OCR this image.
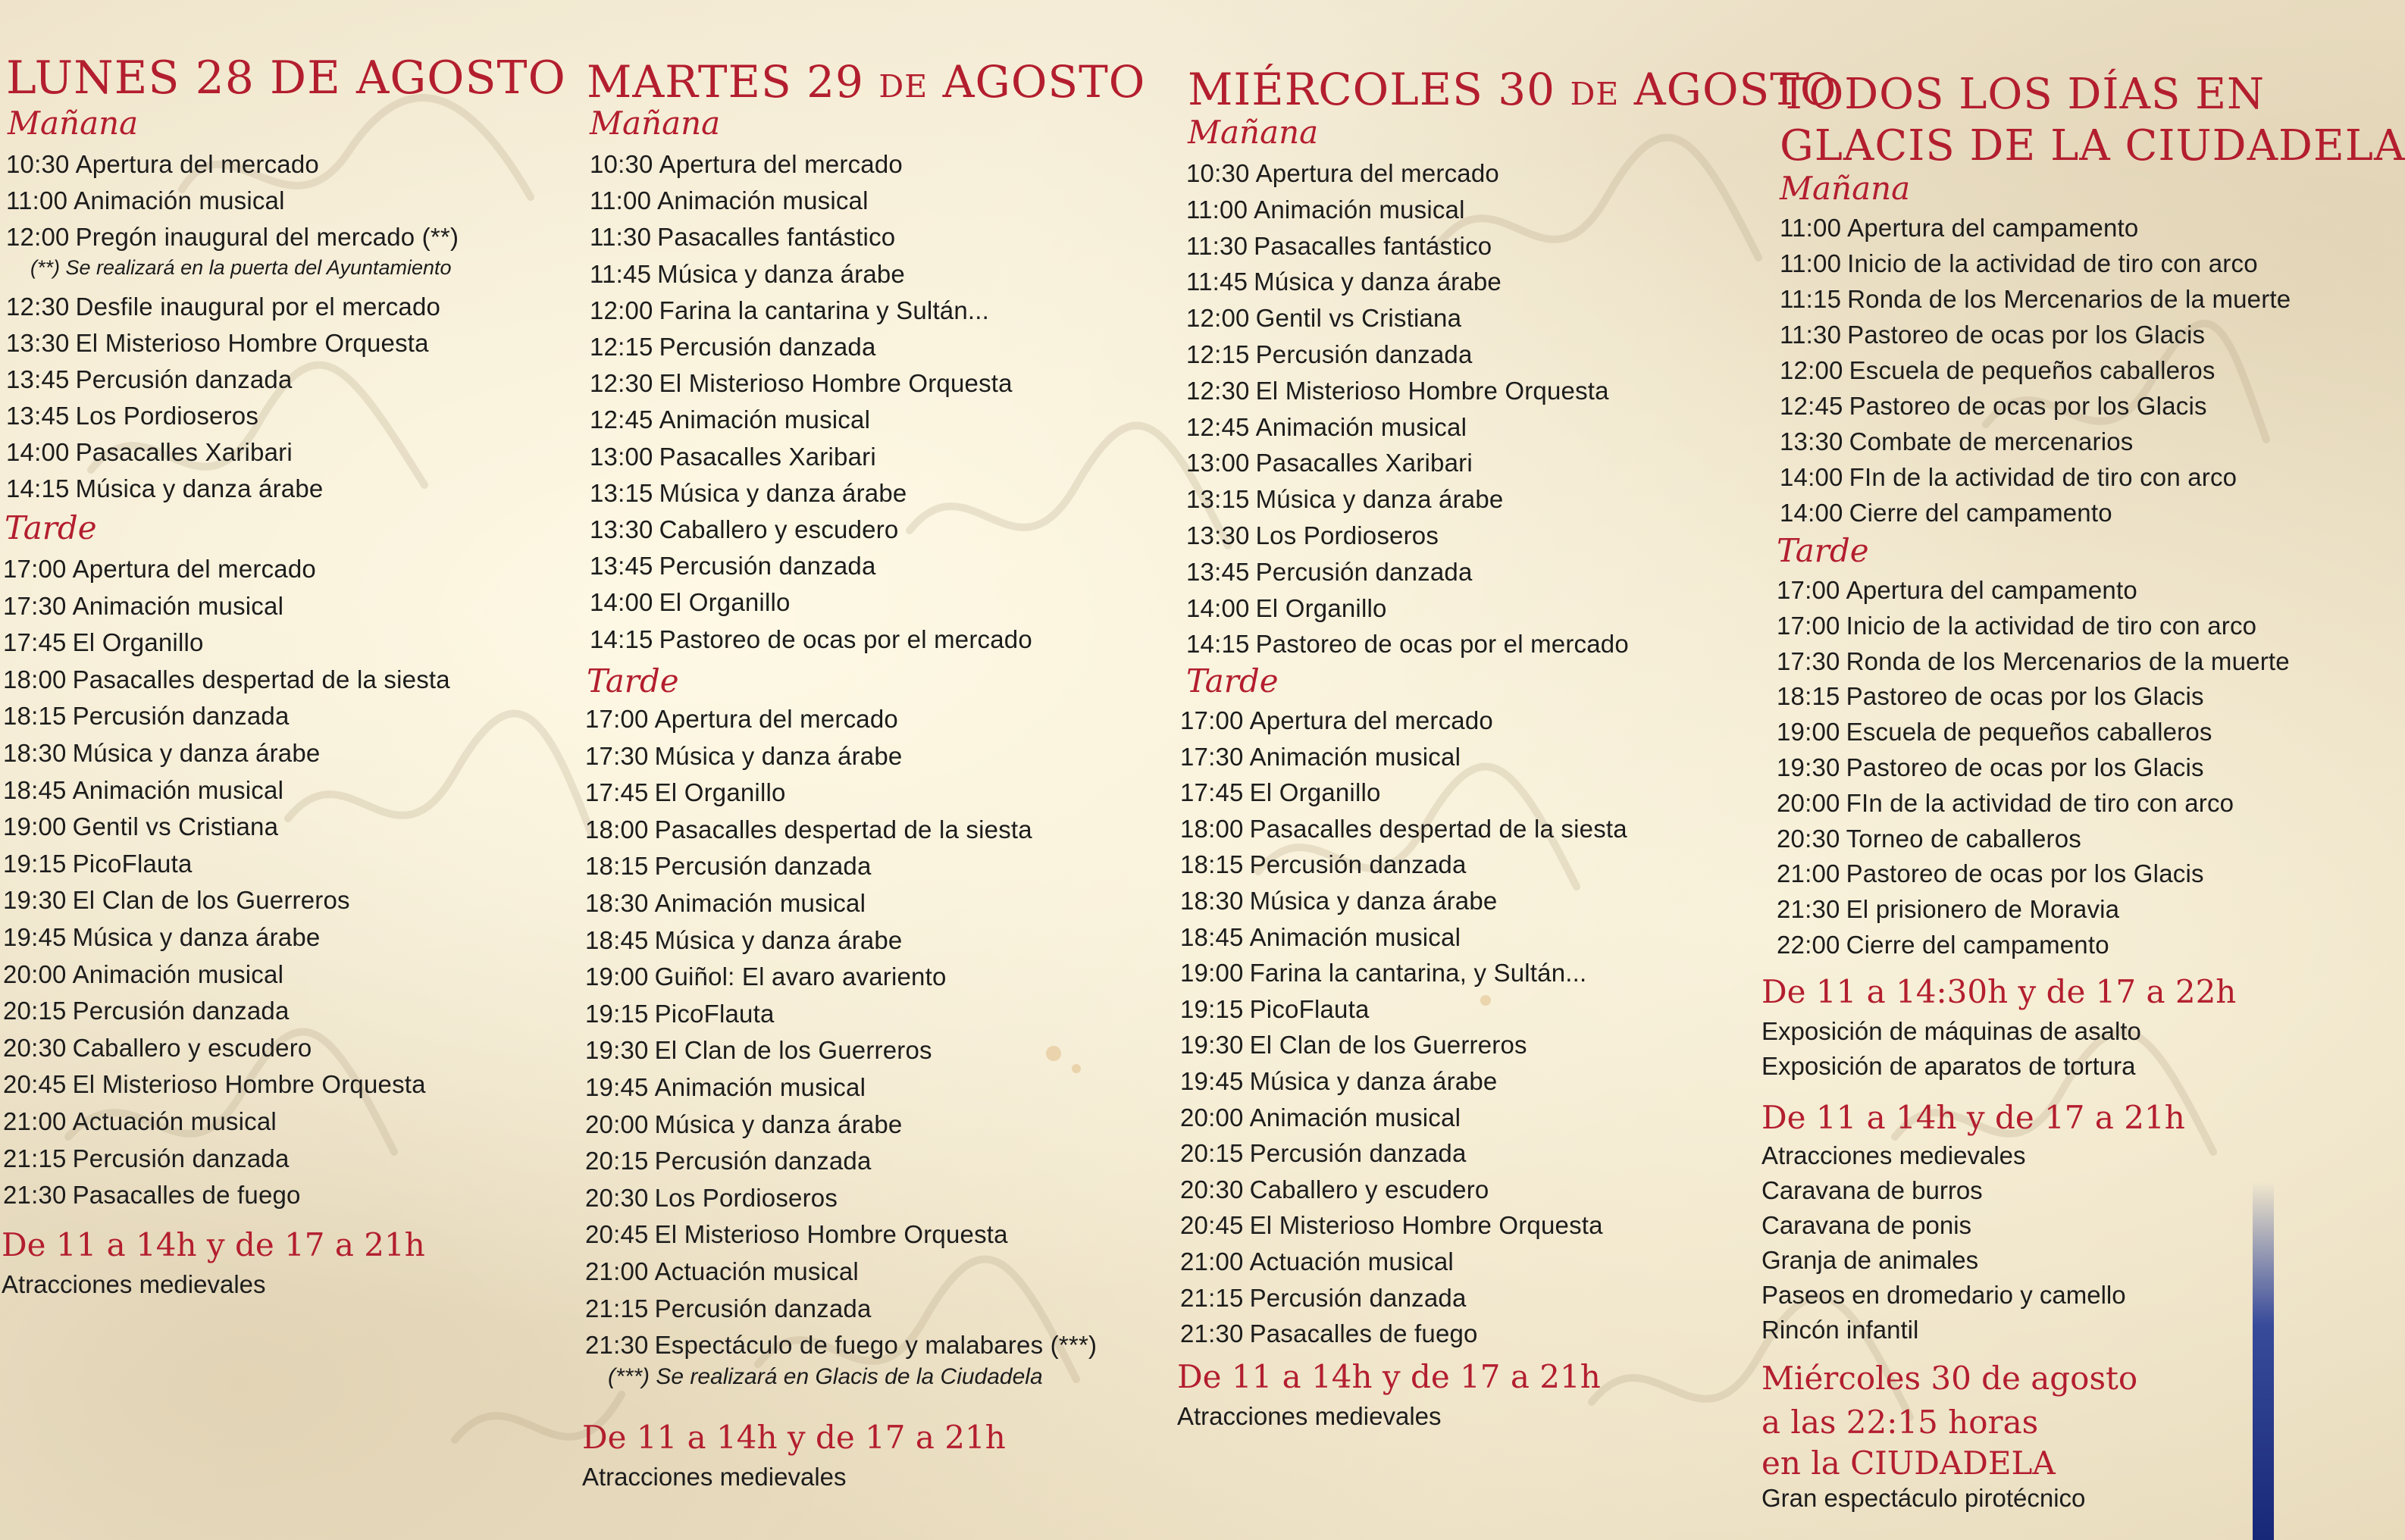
LUNES 28 DE AGOSTO
Mañana
10:30 Apertura del mercado
11:00 Animación musical
12:00 Pregón inaugural del mercado (**)
(**) Se realizará en la puerta del Ayuntamiento
12:30 Desfile inaugural por el mercado
13:30 El Misterioso Hombre Orquesta
13:45 Percusión danzada
13:45 Los Pordioseros
14:00 Pasacalles Xaribari
14:15 Música y danza árabe
Tarde
17:00 Apertura del mercado
17:30 Animación musical
17:45 El Organillo
18:00 Pasacalles despertad de la siesta
18:15 Percusión danzada
18:30 Música y danza árabe
18:45 Animación musical
19:00 Gentil vs Cristiana
19:15 PicoFlauta
19:30 El Clan de los Guerreros
19:45 Música y danza árabe
20:00 Animación musical
20:15 Percusión danzada
20:30 Caballero y escudero
20:45 El Misterioso Hombre Orquesta
21:00 Actuación musical
21:15 Percusión danzada
21:30 Pasacalles de fuego
De 11 a 14h y de 17 a 21h
Atracciones medievales
MARTES 29 de AGOSTO
Mañana
10:30 Apertura del mercado
11:00 Animación musical
11:30 Pasacalles fantástico
11:45 Música y danza árabe
12:00 Farina la cantarina y Sultán...
12:15 Percusión danzada
12:30 El Misterioso Hombre Orquesta
12:45 Animación musical
13:00 Pasacalles Xaribari
13:15 Música y danza árabe
13:30 Caballero y escudero
13:45 Percusión danzada
14:00 El Organillo
14:15 Pastoreo de ocas por el mercado
Tarde
17:00 Apertura del mercado
17:30 Música y danza árabe
17:45 El Organillo
18:00 Pasacalles despertad de la siesta
18:15 Percusión danzada
18:30 Animación musical
18:45 Música y danza árabe
19:00 Guiñol: El avaro avariento
19:15 PicoFlauta
19:30 El Clan de los Guerreros
19:45 Animación musical
20:00 Música y danza árabe
20:15 Percusión danzada
20:30 Los Pordioseros
20:45 El Misterioso Hombre Orquesta
21:00 Actuación musical
21:15 Percusión danzada
21:30 Espectáculo de fuego y malabares (***)
(***) Se realizará en Glacis de la Ciudadela
De 11 a 14h y de 17 a 21h
Atracciones medievales
MIÉRCOLES 30 de AGOSTO
Mañana
10:30 Apertura del mercado
11:00 Animación musical
11:30 Pasacalles fantástico
11:45 Música y danza árabe
12:00 Gentil vs Cristiana
12:15 Percusión danzada
12:30 El Misterioso Hombre Orquesta
12:45 Animación musical
13:00 Pasacalles Xaribari
13:15 Música y danza árabe
13:30 Los Pordioseros
13:45 Percusión danzada
14:00 El Organillo
14:15 Pastoreo de ocas por el mercado
Tarde
17:00 Apertura del mercado
17:30 Animación musical
17:45 El Organillo
18:00 Pasacalles despertad de la siesta
18:15 Percusión danzada
18:30 Música y danza árabe
18:45 Animación musical
19:00 Farina la cantarina, y Sultán...
19:15 PicoFlauta
19:30 El Clan de los Guerreros
19:45 Música y danza árabe
20:00 Animación musical
20:15 Percusión danzada
20:30 Caballero y escudero
20:45 El Misterioso Hombre Orquesta
21:00 Actuación musical
21:15 Percusión danzada
21:30 Pasacalles de fuego
De 11 a 14h y de 17 a 21h
Atracciones medievales
TODOS LOS DÍAS EN
GLACIS DE LA CIUDADELA
Mañana
11:00 Apertura del campamento
11:00 Inicio de la actividad de tiro con arco
11:15 Ronda de los Mercenarios de la muerte
11:30 Pastoreo de ocas por los Glacis
12:00 Escuela de pequeños caballeros
12:45 Pastoreo de ocas por los Glacis
13:30 Combate de mercenarios
14:00 FIn de la actividad de tiro con arco
14:00 Cierre del campamento
Tarde
17:00 Apertura del campamento
17:00 Inicio de la actividad de tiro con arco
17:30 Ronda de los Mercenarios de la muerte
18:15 Pastoreo de ocas por los Glacis
19:00 Escuela de pequeños caballeros
19:30 Pastoreo de ocas por los Glacis
20:00 FIn de la actividad de tiro con arco
20:30 Torneo de caballeros
21:00 Pastoreo de ocas por los Glacis
21:30 El prisionero de Moravia
22:00 Cierre del campamento
De 11 a 14:30h y de 17 a 22h
Exposición de máquinas de asalto
Exposición de aparatos de tortura
De 11 a 14h y de 17 a 21h
Atracciones medievales
Caravana de burros
Caravana de ponis
Granja de animales
Paseos en dromedario y camello
Rincón infantil
Miércoles 30 de agosto
a las 22:15 horas
en la CIUDADELA
Gran espectáculo pirotécnico
